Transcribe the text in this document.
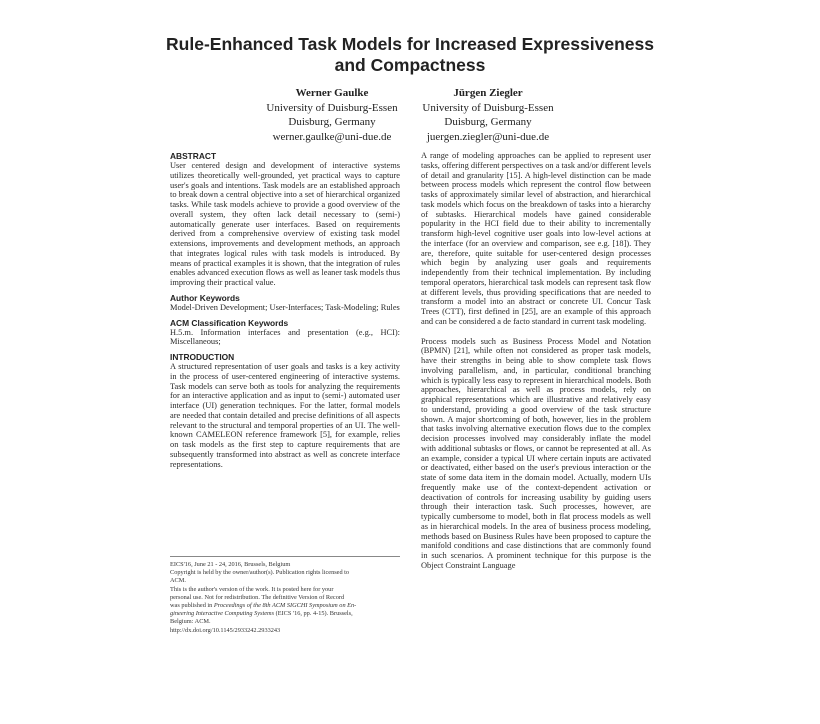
Rule-Enhanced Task Models for Increased Expressiveness
and Compactness
Werner Gaulke
University of Duisburg-Essen
Duisburg, Germany
werner.gaulke@uni-due.de
Jürgen Ziegler
University of Duisburg-Essen
Duisburg, Germany
juergen.ziegler@uni-due.de
ABSTRACT

User centered design and development of interactive systems utilizes theoretically well-grounded, yet practical ways to capture user's goals and intentions. Task models are an established approach to break down a central objective into a set of hierarchical organized tasks. While task models achieve to provide a good overview of the overall system, they often lack detail necessary to (semi-) automatically generate user interfaces. Based on requirements derived from a comprehensive overview of existing task model extensions, improvements and development methods, an approach that integrates logical rules with task models is introduced. By means of practical examples it is shown, that the integration of rules enables advanced execution flows as well as leaner task models thus improving their practical value.

Author Keywords

Model-Driven Development; User-Interfaces; Task-Modeling; Rules

ACM Classification Keywords

H.5.m. Information interfaces and presentation (e.g., HCI): Miscellaneous;

INTRODUCTION

A structured representation of user goals and tasks is a key activity in the process of user-centered engineering of interactive systems. Task models can serve both as tools for analyzing the requirements for an interactive application and as input to (semi-) automated user interface (UI) generation techniques. For the latter, formal models are needed that contain detailed and precise definitions of all aspects relevant to the structural and temporal properties of an UI. The well-known CAMELEON reference framework [5], for example, relies on task models as the first step to capture requirements that are subsequently transformed into abstract as well as concrete interface representations.

EICS'16, June 21 - 24, 2016, Brussels, Belgium
Copyright is held by the owner/author(s). Publication rights licensed to
ACM.
This is the author's version of the work. It is posted here for your
personal use. Not for redistribution. The definitive Version of Record
was published in Proceedings of the 8th ACM SIGCHI Symposium on En-
gineering Interactive Computing Systems (EICS '16, pp. 4-15). Brussels,
Belgium: ACM.
http://dx.doi.org/10.1145/2933242.2933243

A range of modeling approaches can be applied to represent user tasks, offering different perspectives on a task and/or different levels of detail and granularity [15]. A high-level distinction can be made between process models which represent the control flow between tasks of approximately similar level of abstraction, and hierarchical task models which focus on the breakdown of tasks into a hierarchy of subtasks. Hierarchical models have gained considerable popularity in the HCI field due to their ability to incrementally transform high-level cognitive user goals into low-level actions at the interface (for an overview and comparison, see e.g. [18]). They are, therefore, quite suitable for user-centered design processes which begin by analyzing user goals and requirements independently from their technical implementation. By including temporal operators, hierarchical task models can represent task flow at different levels, thus providing specifications that are needed to transform a model into an abstract or concrete UI. Concur Task Trees (CTT), first defined in [25], are an example of this approach and can be considered a de facto standard in current task modeling.

Process models such as Business Process Model and Notation (BPMN) [21], while often not considered as proper task models, have their strengths in being able to show complete task flows involving parallelism, and, in particular, conditional branching which is typically less easy to represent in hierarchical models. Both approaches, hierarchical as well as process models, rely on graphical representations which are illustrative and relatively easy to understand, providing a good overview of the task structure shown. A major shortcoming of both, however, lies in the problem that tasks involving alternative execution flows due to the complex decision processes involved may considerably inflate the model with additional subtasks or flows, or cannot be represented at all. As an example, consider a typical UI where certain inputs are activated or deactivated, either based on the user's previous interaction or the state of some data item in the domain model. Actually, modern UIs frequently make use of the context-dependent activation or deactivation of controls for increasing usability by guiding users through their interaction task. Such processes, however, are typically cumbersome to model, both in flat process models as well as in hierarchical models. In the area of business process modeling, methods based on Business Rules have been proposed to capture the manifold conditions and case distinctions that are commonly found in such scenarios. A prominent technique for this purpose is the Object Constraint Language
